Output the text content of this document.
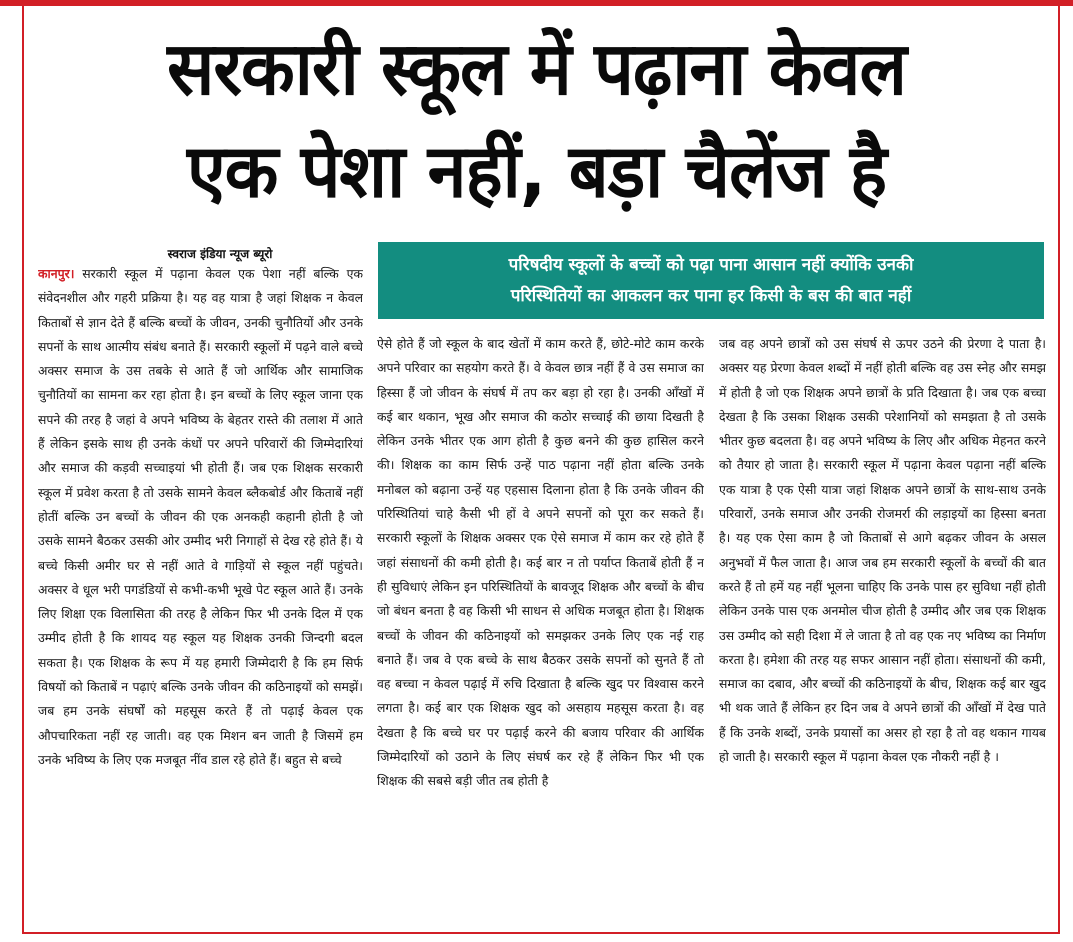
सरकारी स्कूल में पढ़ाना केवल
एक पेशा नहीं, बड़ा चैलेंज है
स्वराज इंडिया न्यूज ब्यूरो
परिषदीय स्कूलों के बच्चों को पढ़ा पाना आसान नहीं क्योंकि उनकी
परिस्थितियों का आकलन कर पाना हर किसी के बस की बात नहीं
कानपुर। सरकारी स्कूल में पढ़ाना केवल एक पेशा नहीं बल्कि एक संवेदनशील और गहरी प्रक्रिया है। यह वह यात्रा है जहां शिक्षक न केवल किताबों से ज्ञान देते हैं बल्कि बच्चों के जीवन, उनकी चुनौतियों और उनके सपनों के साथ आत्मीय संबंध बनाते हैं। सरकारी स्कूलों में पढ़ने वाले बच्चे अक्सर समाज के उस तबके से आते हैं जो आर्थिक और सामाजिक चुनौतियों का सामना कर रहा होता है। इन बच्चों के लिए स्कूल जाना एक सपने की तरह है जहां वे अपने भविष्य के बेहतर रास्ते की तलाश में आते हैं लेकिन इसके साथ ही उनके कंधों पर अपने परिवारों की जिम्मेदारियां और समाज की कड़वी सच्चाइयां भी होती हैं। जब एक शिक्षक सरकारी स्कूल में प्रवेश करता है तो उसके सामने केवल ब्लैकबोर्ड और किताबें नहीं होतीं बल्कि उन बच्चों के जीवन की एक अनकही कहानी होती है जो उसके सामने बैठकर उसकी ओर उम्मीद भरी निगाहों से देख रहे होते हैं। ये बच्चे किसी अमीर घर से नहीं आते वे गाड़ियों से स्कूल नहीं पहुंचते। अक्सर वे धूल भरी पगडंडियों से कभी-कभी भूखे पेट स्कूल आते हैं। उनके लिए शिक्षा एक विलासिता की तरह है लेकिन फिर भी उनके दिल में एक उम्मीद होती है कि शायद यह स्कूल यह शिक्षक उनकी जिन्दगी बदल सकता है। एक शिक्षक के रूप में यह हमारी जिम्मेदारी है कि हम सिर्फ विषयों को किताबें न पढ़ाएं बल्कि उनके जीवन की कठिनाइयों को समझें। जब हम उनके संघर्षों को महसूस करते हैं तो पढ़ाई केवल एक औपचारिकता नहीं रह जाती। वह एक मिशन बन जाती है जिसमें हम उनके भविष्य के लिए एक मजबूत नींव डाल रहे होते हैं। बहुत से बच्चे
ऐसे होते हैं जो स्कूल के बाद खेतों में काम करते हैं, छोटे-मोटे काम करके अपने परिवार का सहयोग करते हैं। वे केवल छात्र नहीं हैं वे उस समाज का हिस्सा हैं जो जीवन के संघर्ष में तप कर बड़ा हो रहा है। उनकी आँखों में कई बार थकान, भूख और समाज की कठोर सच्चाई की छाया दिखती है लेकिन उनके भीतर एक आग होती है कुछ बनने की कुछ हासिल करने की। शिक्षक का काम सिर्फ उन्हें पाठ पढ़ाना नहीं होता बल्कि उनके मनोबल को बढ़ाना उन्हें यह एहसास दिलाना होता है कि उनके जीवन की परिस्थितियां चाहे कैसी भी हों वे अपने सपनों को पूरा कर सकते हैं।सरकारी स्कूलों के शिक्षक अक्सर एक ऐसे समाज में काम कर रहे होते हैं जहां संसाधनों की कमी होती है। कई बार न तो पर्याप्त किताबें होती हैं न ही सुविधाएं लेकिन इन परिस्थितियों के बावजूद शिक्षक और बच्चों के बीच जो बंधन बनता है वह किसी भी साधन से अधिक मजबूत होता है। शिक्षक बच्चों के जीवन की कठिनाइयों को समझकर उनके लिए एक नई राह बनाते हैं। जब वे एक बच्चे के साथ बैठकर उसके सपनों को सुनते हैं तो वह बच्चा न केवल पढ़ाई में रुचि दिखाता है बल्कि खुद पर विश्वास करने लगता है। कई बार एक शिक्षक खुद को असहाय महसूस करता है। वह देखता है कि बच्चे घर पर पढ़ाई करने की बजाय परिवार की आर्थिक जिम्मेदारियों को उठाने के लिए संघर्ष कर रहे हैं लेकिन फिर भी एक शिक्षक की सबसे बड़ी जीत तब होती है
जब वह अपने छात्रों को उस संघर्ष से ऊपर उठने की प्रेरणा दे पाता है। अक्सर यह प्रेरणा केवल शब्दों में नहीं होती बल्कि वह उस स्नेह और समझ में होती है जो एक शिक्षक अपने छात्रों के प्रति दिखाता है। जब एक बच्चा देखता है कि उसका शिक्षक उसकी परेशानियों को समझता है तो उसके भीतर कुछ बदलता है। वह अपने भविष्य के लिए और अधिक मेहनत करने को तैयार हो जाता है। सरकारी स्कूल में पढ़ाना केवल पढ़ाना नहीं बल्कि एक यात्रा है एक ऐसी यात्रा जहां शिक्षक अपने छात्रों के साथ-साथ उनके परिवारों, उनके समाज और उनकी रोजमर्रा की लड़ाइयों का हिस्सा बनता है। यह एक ऐसा काम है जो किताबों से आगे बढ़कर जीवन के असल अनुभवों में फैल जाता है। आज जब हम सरकारी स्कूलों के बच्चों की बात करते हैं तो हमें यह नहीं भूलना चाहिए कि उनके पास हर सुविधा नहीं होती लेकिन उनके पास एक अनमोल चीज होती है उम्मीद और जब एक शिक्षक उस उम्मीद को सही दिशा में ले जाता है तो वह एक नए भविष्य का निर्माण करता है। हमेशा की तरह यह सफर आसान नहीं होता। संसाधनों की कमी, समाज का दबाव, और बच्चों की कठिनाइयों के बीच, शिक्षक कई बार खुद भी थक जाते हैं लेकिन हर दिन जब वे अपने छात्रों की आँखों में देख पाते हैं कि उनके शब्दों, उनके प्रयासों का असर हो रहा है तो वह थकान गायब हो जाती है। सरकारी स्कूल में पढ़ाना केवल एक नौकरी नहीं है ।
